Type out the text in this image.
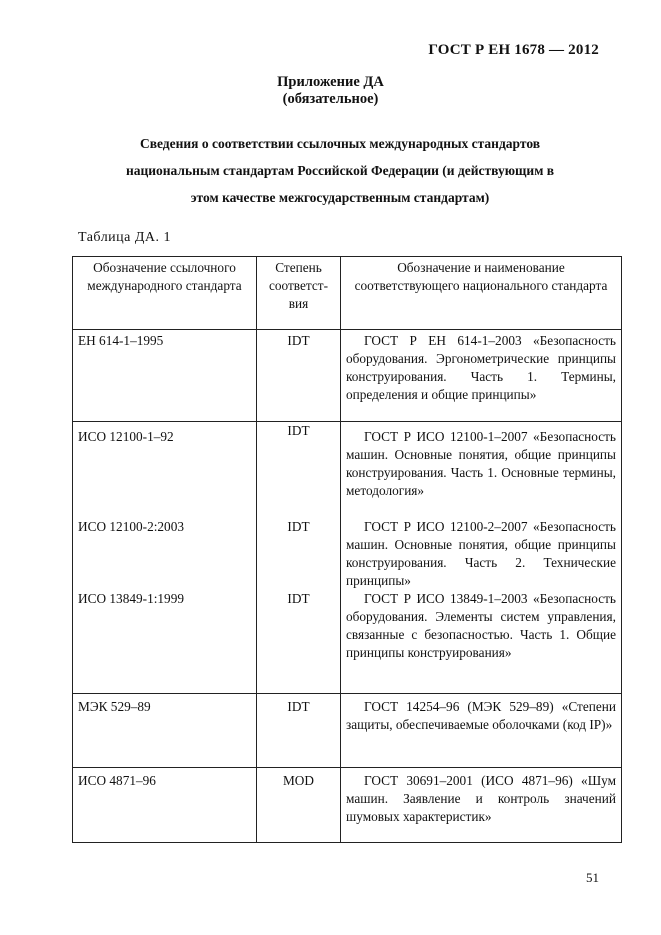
ГОСТ Р ЕН 1678 — 2012
Приложение ДА
(обязательное)
Сведения о соответствии ссылочных международных стандартов
национальным стандартам Российской Федерации (и действующим в
этом качестве межгосударственным стандартам)
Таблица ДА. 1
Обозначение ссылочного международного стандарта	Степень соответст-вия	Обозначение и наименование соответствующего национального стандарта
ЕН 614-1–1995	IDT	ГОСТ Р ЕН 614-1–2003 «Безопасность оборудования. Эргонометрические принципы конструирования. Часть 1. Термины, определения и общие принципы»
ИСО 12100-1–92	IDT	ГОСТ Р ИСО 12100-1–2007 «Безопасность машин. Основные понятия, общие принципы конструирования. Часть 1. Основные термины, методология»
ИСО 12100-2:2003	IDT	ГОСТ Р ИСО 12100-2–2007 «Безопасность машин. Основные понятия, общие принципы конструирования. Часть 2. Технические принципы»
ИСО 13849-1:1999	IDT	ГОСТ Р ИСО 13849-1–2003 «Безопасность оборудования. Элементы систем управления, связанные с безопасностью. Часть 1. Общие принципы конструирования»
МЭК 529–89	IDT	ГОСТ 14254–96 (МЭК 529–89) «Степени защиты, обеспечиваемые оболочками (код IP)»
ИСО 4871–96	MOD	ГОСТ 30691–2001 (ИСО 4871–96) «Шум машин. Заявление и контроль значений шумовых характеристик»
51
